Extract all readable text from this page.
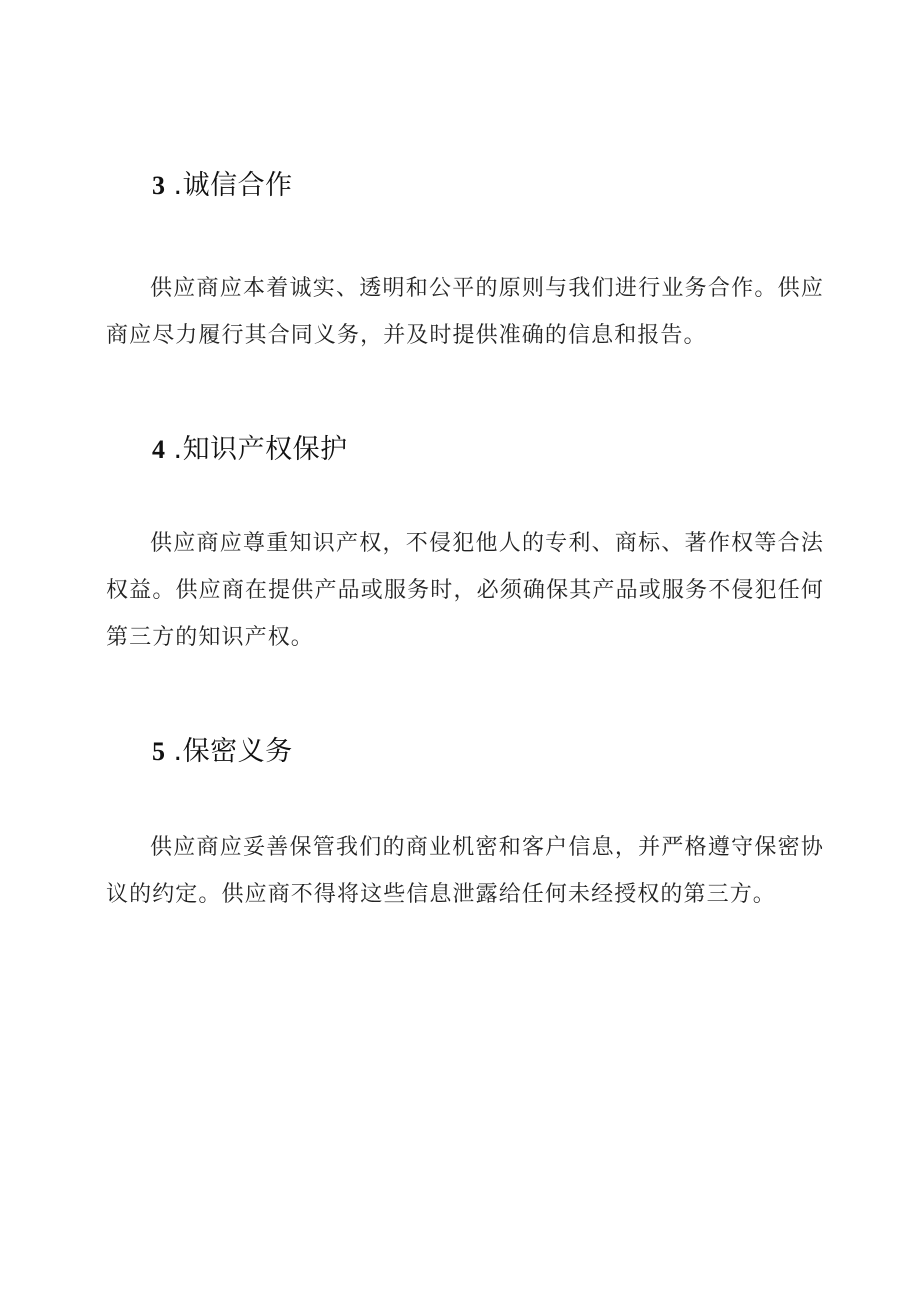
3 .诚信合作

供应商应本着诚实、透明和公平的原则与我们进行业务合作。供应商应尽力履行其合同义务，并及时提供准确的信息和报告。

4 .知识产权保护

供应商应尊重知识产权，不侵犯他人的专利、商标、著作权等合法权益。供应商在提供产品或服务时，必须确保其产品或服务不侵犯任何第三方的知识产权。

5 .保密义务

供应商应妥善保管我们的商业机密和客户信息，并严格遵守保密协议的约定。供应商不得将这些信息泄露给任何未经授权的第三方。
